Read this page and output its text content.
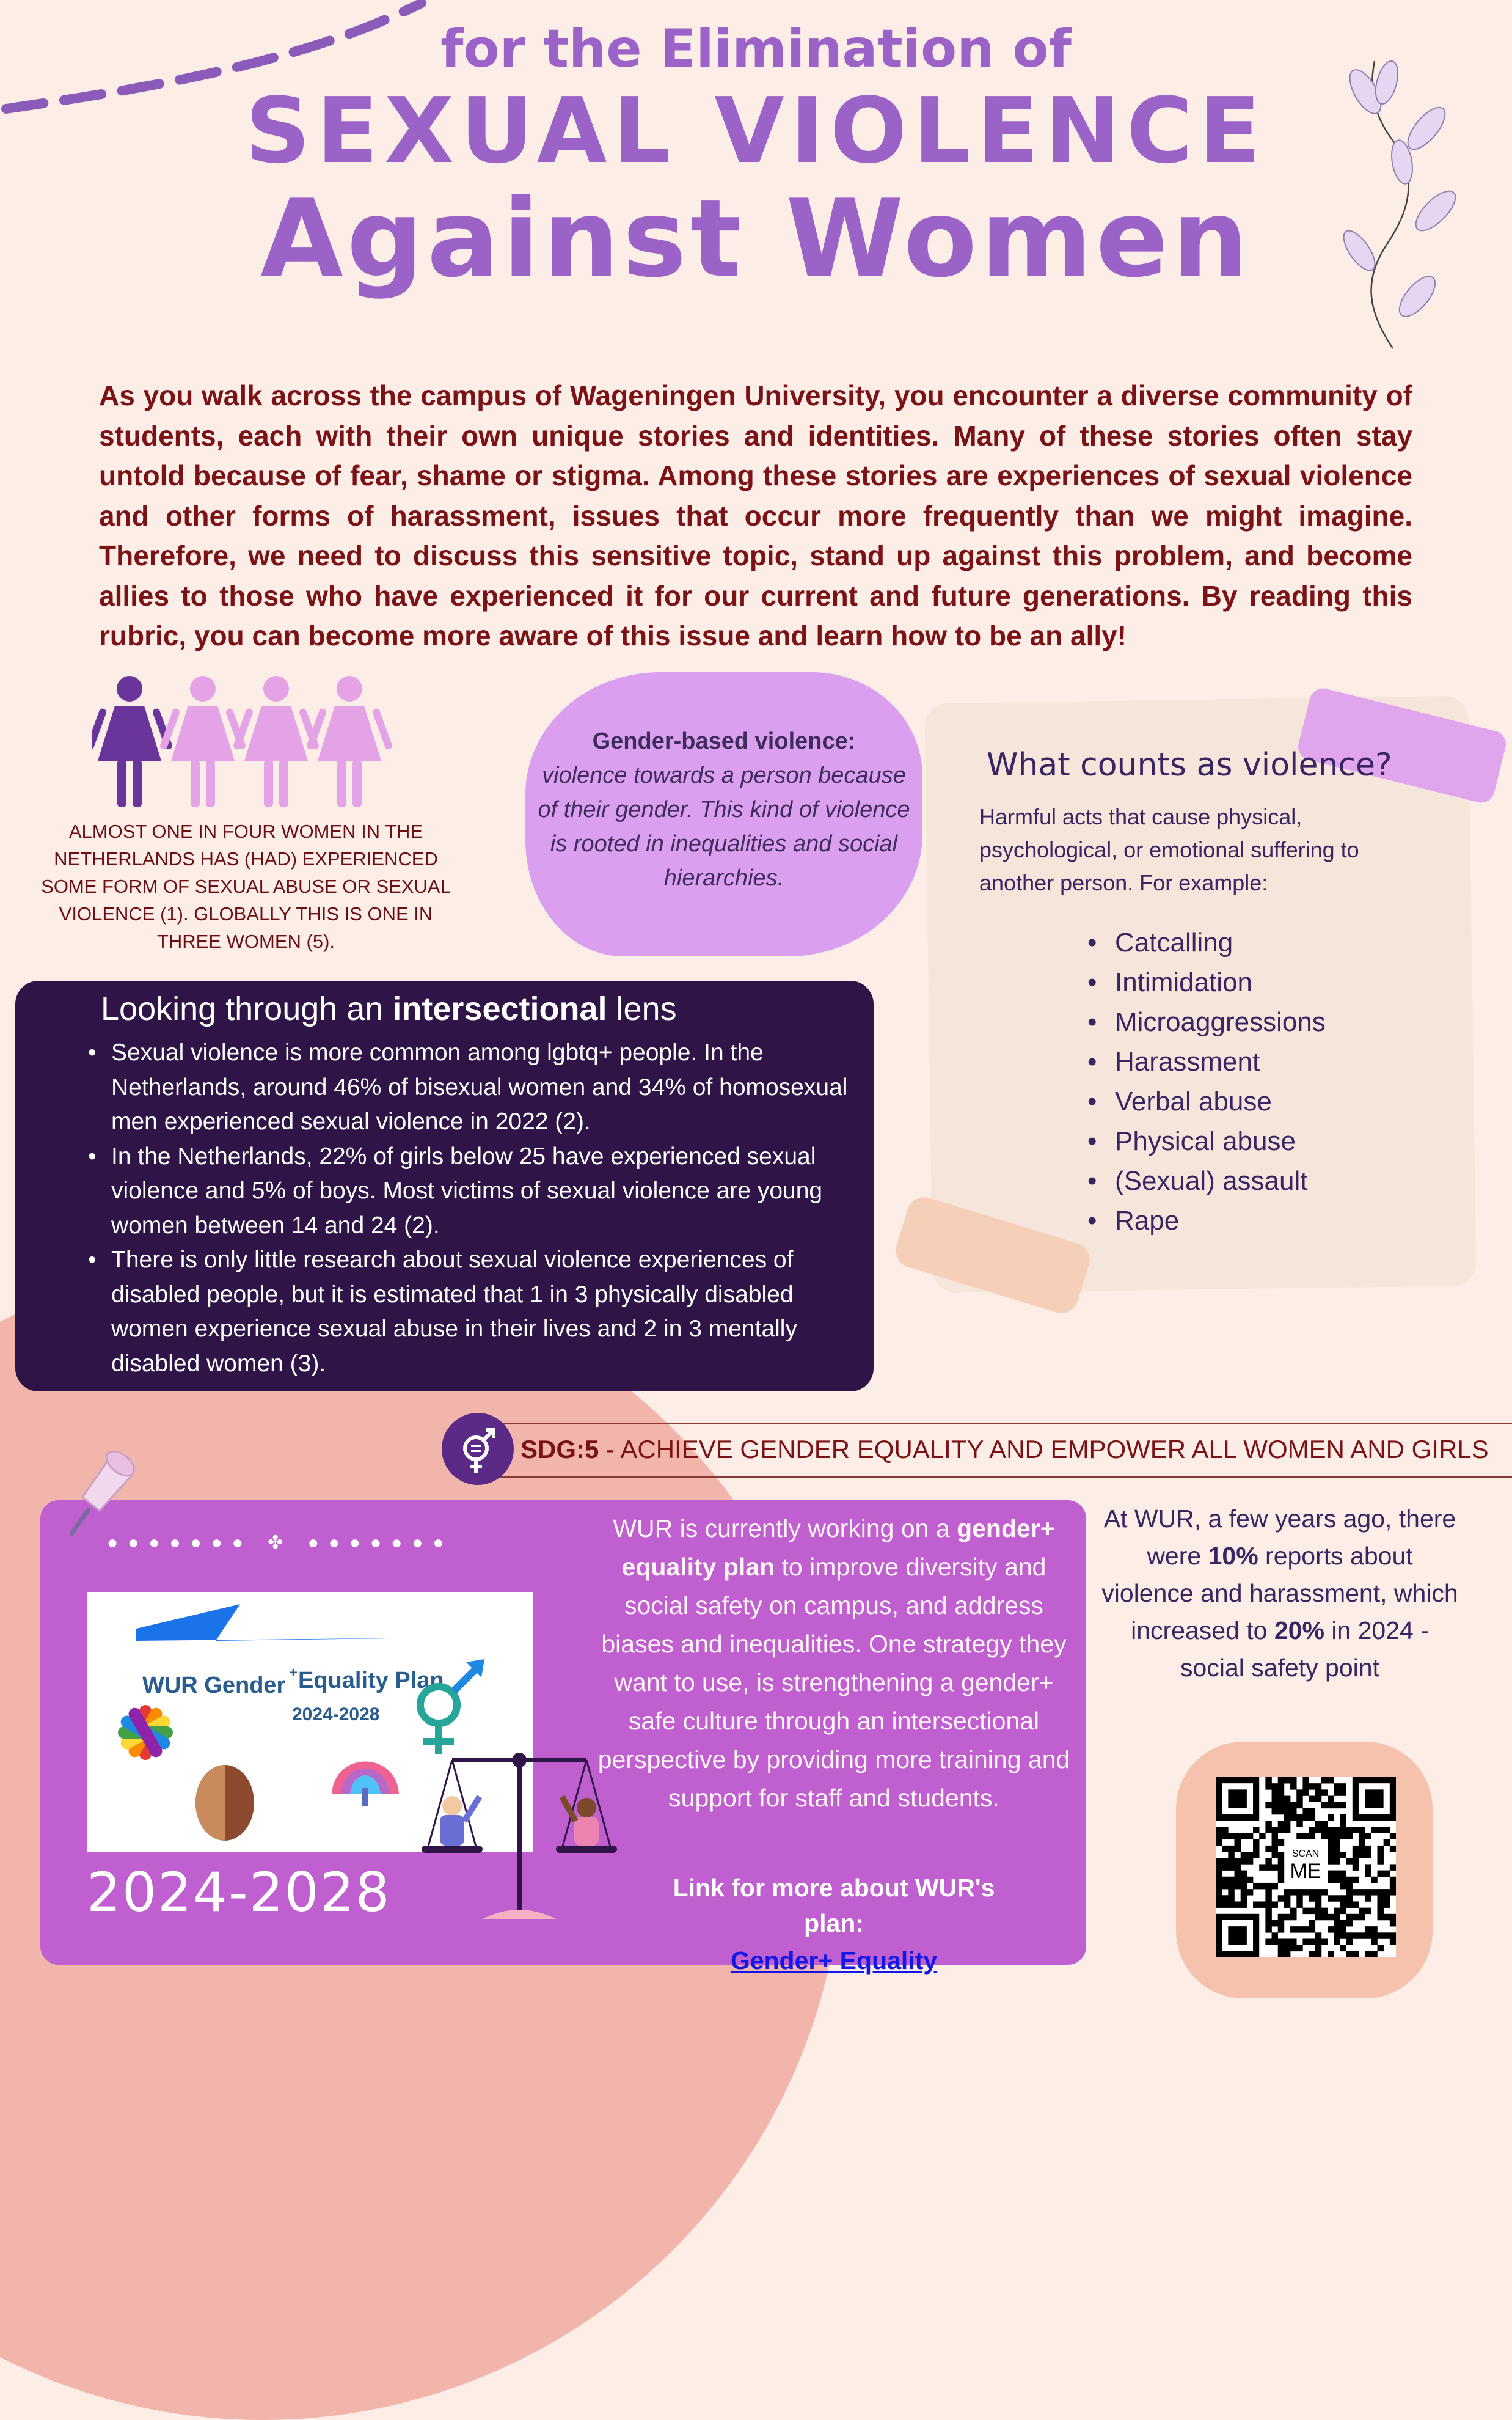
for the Elimination of
SEXUAL VIOLENCE
Against Women
As you walk across the campus of Wageningen University, you encounter a diverse community of students, each with their own unique stories and identities. Many of these stories often stay untold because of fear, shame or stigma. Among these stories are experiences of sexual violence and other forms of harassment, issues that occur more frequently than we might imagine. Therefore, we need to discuss this sensitive topic, stand up against this problem, and become allies to those who have experienced it for our current and future generations. By reading this rubric, you can become more aware of this issue and learn how to be an ally!
ALMOST ONE IN FOUR WOMEN IN THE NETHERLANDS HAS (HAD) EXPERIENCED SOME FORM OF SEXUAL ABUSE OR SEXUAL VIOLENCE (1). GLOBALLY THIS IS ONE IN THREE WOMEN (5).
Gender-based violence:
violence towards a person because of their gender. This kind of violence is rooted in inequalities and social hierarchies.
What counts as violence?
Harmful acts that cause physical, psychological, or emotional suffering to another person. For example:
• Catcalling
• Intimidation
• Microaggressions
• Harassment
• Verbal abuse
• Physical abuse
• (Sexual) assault
• Rape
Looking through an intersectional lens
• Sexual violence is more common among lgbtq+ people. In the Netherlands, around 46% of bisexual women and 34% of homosexual men experienced sexual violence in 2022 (2).
• In the Netherlands, 22% of girls below 25 have experienced sexual violence and 5% of boys. Most victims of sexual violence are young women between 14 and 24 (2).
• There is only little research about sexual violence experiences of disabled people, but it is estimated that 1 in 3 physically disabled women experience sexual abuse in their lives and 2 in 3 mentally disabled women (3).
SDG:5 - ACHIEVE GENDER EQUALITY AND EMPOWER ALL WOMEN AND GIRLS
●●●●●●● ✤ ●●●●●●●
WUR Gender + Equality Plan
2024-2028
2024-2028
WUR is currently working on a gender+ equality plan to improve diversity and social safety on campus, and address biases and inequalities. One strategy they want to use, is strengthening a gender+ safe culture through an intersectional perspective by providing more training and support for staff and students.
Link for more about WUR's plan:
Gender+ Equality
At WUR, a few years ago, there were 10% reports about violence and harassment, which increased to 20% in 2024 - social safety point
SCAN
ME
